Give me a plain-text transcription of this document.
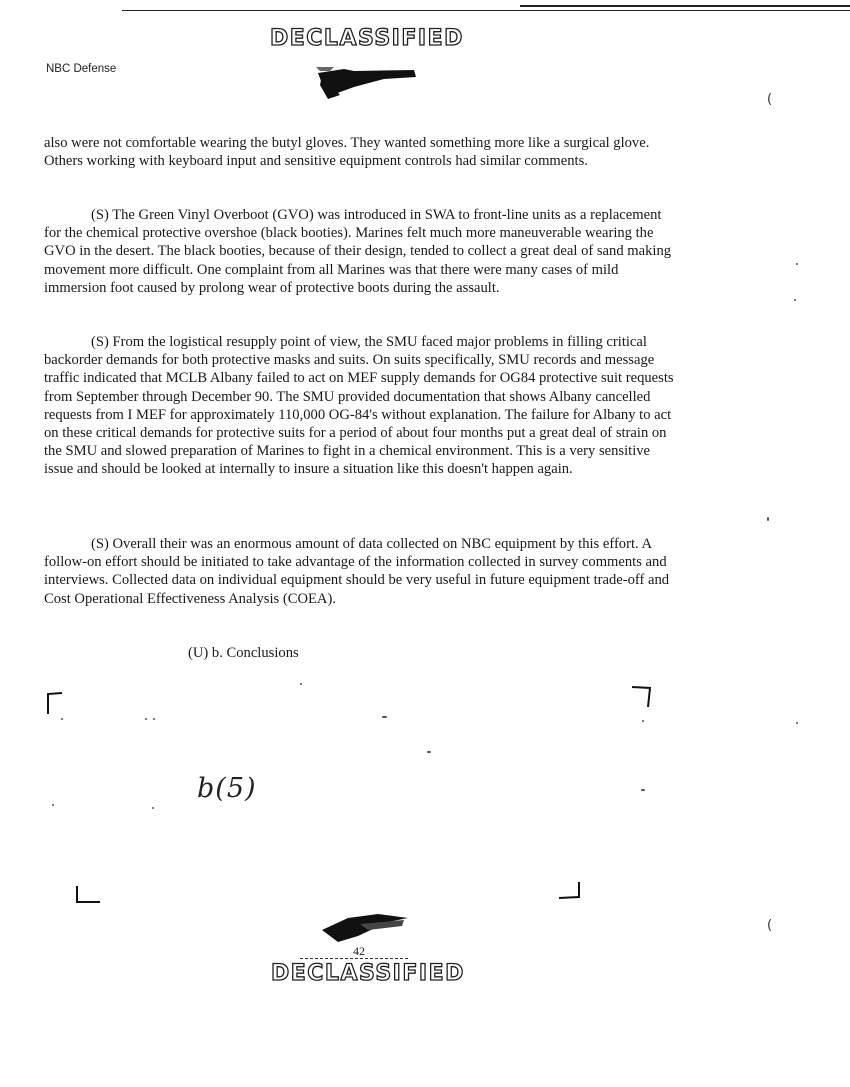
DECLASSIFIED
NBC Defense
(
(

also were not comfortable wearing the butyl gloves. They wanted something more like a surgical glove. Others working with keyboard input and sensitive equipment controls had similar comments.

(S) The Green Vinyl Overboot (GVO) was introduced in SWA to front-line units as a replacement for the chemical protective overshoe (black booties). Marines felt much more maneuverable wearing the GVO in the desert. The black booties, because of their design, tended to collect a great deal of sand making movement more difficult. One complaint from all Marines was that there were many cases of mild immersion foot caused by prolong wear of protective boots during the assault.

(S) From the logistical resupply point of view, the SMU faced major problems in filling critical backorder demands for both protective masks and suits. On suits specifically, SMU records and message traffic indicated that MCLB Albany failed to act on MEF supply demands for OG84 protective suit requests from September through December 90. The SMU provided documentation that shows Albany cancelled requests from I MEF for approximately 110,000 OG-84's without explanation. The failure for Albany to act on these critical demands for protective suits for a period of about four months put a great deal of strain on the SMU and slowed preparation of Marines to fight in a chemical environment. This is a very sensitive issue and should be looked at internally to insure a situation like this doesn't happen again.

(S) Overall their was an enormous amount of data collected on NBC equipment by this effort. A follow-on effort should be initiated to take advantage of the information collected in survey comments and interviews. Collected data on individual equipment should be very useful in future equipment trade-off and Cost Operational Effectiveness Analysis (COEA).

(U) b. Conclusions
b(5)
42
DECLASSIFIED
